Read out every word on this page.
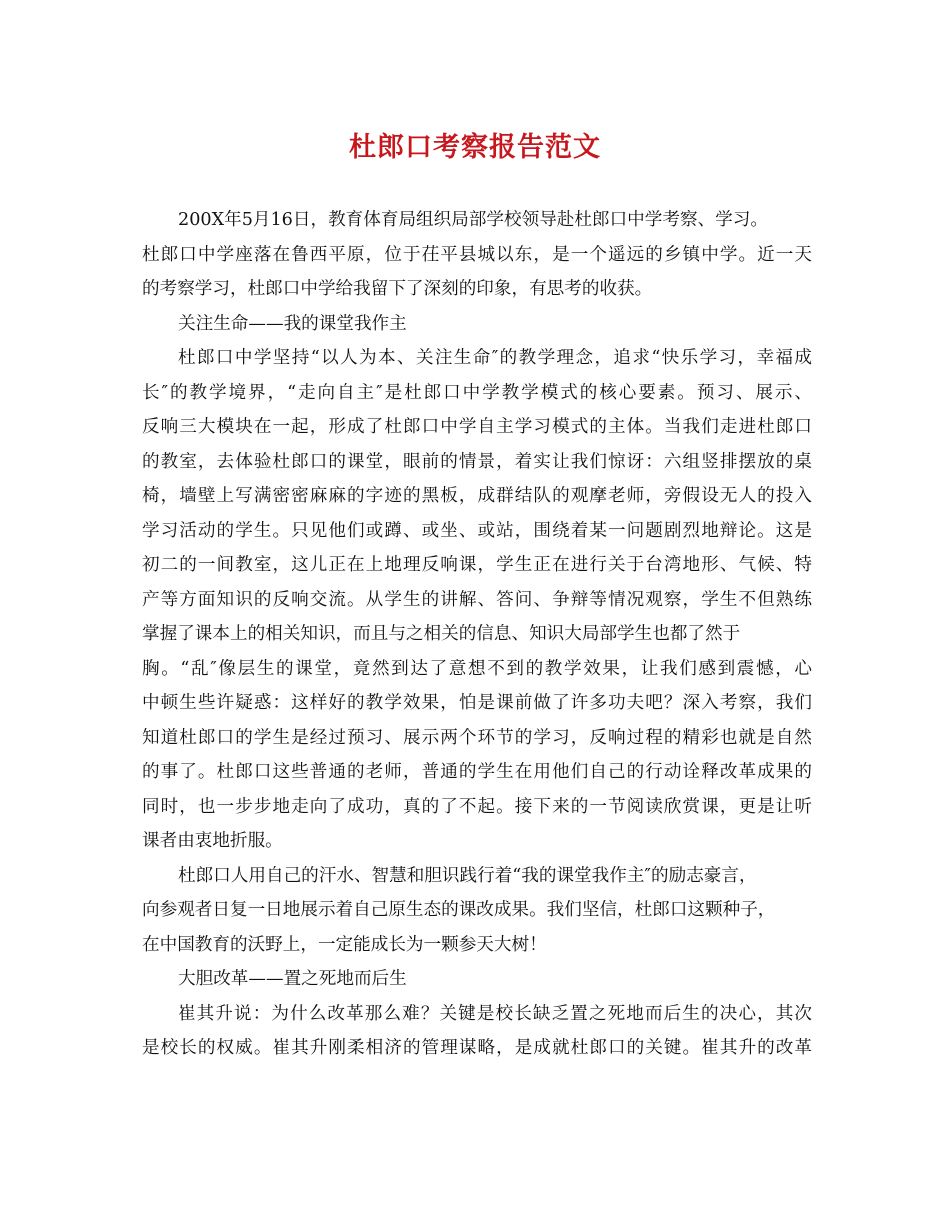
杜郎口考察报告范文
200X年5月16日，教育体育局组织局部学校领导赴杜郎口中学考察、学习。
杜郎口中学座落在鲁西平原，位于茌平县城以东，是一个遥远的乡镇中学。近一天
的考察学习，杜郎口中学给我留下了深刻的印象，有思考的收获。
关注生命——我的课堂我作主
杜郎口中学坚持“以人为本、关注生命″的教学理念，追求“快乐学习，幸福成
长″的教学境界，“走向自主″是杜郎口中学教学模式的核心要素。预习、展示、
反响三大模块在一起，形成了杜郎口中学自主学习模式的主体。当我们走进杜郎口
的教室，去体验杜郎口的课堂，眼前的情景，着实让我们惊讶：六组竖排摆放的桌
椅，墙壁上写满密密麻麻的字迹的黑板，成群结队的观摩老师，旁假设无人的投入
学习活动的学生。只见他们或蹲、或坐、或站，围绕着某一问题剧烈地辩论。这是
初二的一间教室，这儿正在上地理反响课，学生正在进行关于台湾地形、气候、特
产等方面知识的反响交流。从学生的讲解、答问、争辩等情况观察，学生不但熟练
掌握了课本上的相关知识，而且与之相关的信息、知识大局部学生也都了然于
胸。“乱″像层生的课堂，竟然到达了意想不到的教学效果，让我们感到震憾，心
中顿生些许疑惑：这样好的教学效果，怕是课前做了许多功夫吧？深入考察，我们
知道杜郎口的学生是经过预习、展示两个环节的学习，反响过程的精彩也就是自然
的事了。杜郎口这些普通的老师，普通的学生在用他们自己的行动诠释改革成果的
同时，也一步步地走向了成功，真的了不起。接下来的一节阅读欣赏课，更是让听
课者由衷地折服。
杜郎口人用自己的汗水、智慧和胆识践行着“我的课堂我作主″的励志豪言，
向参观者日复一日地展示着自己原生态的课改成果。我们坚信，杜郎口这颗种子，
在中国教育的沃野上，一定能成长为一颗参天大树！
大胆改革——置之死地而后生
崔其升说：为什么改革那么难？关键是校长缺乏置之死地而后生的决心，其次
是校长的权威。崔其升刚柔相济的管理谋略，是成就杜郎口的关键。崔其升的改革
